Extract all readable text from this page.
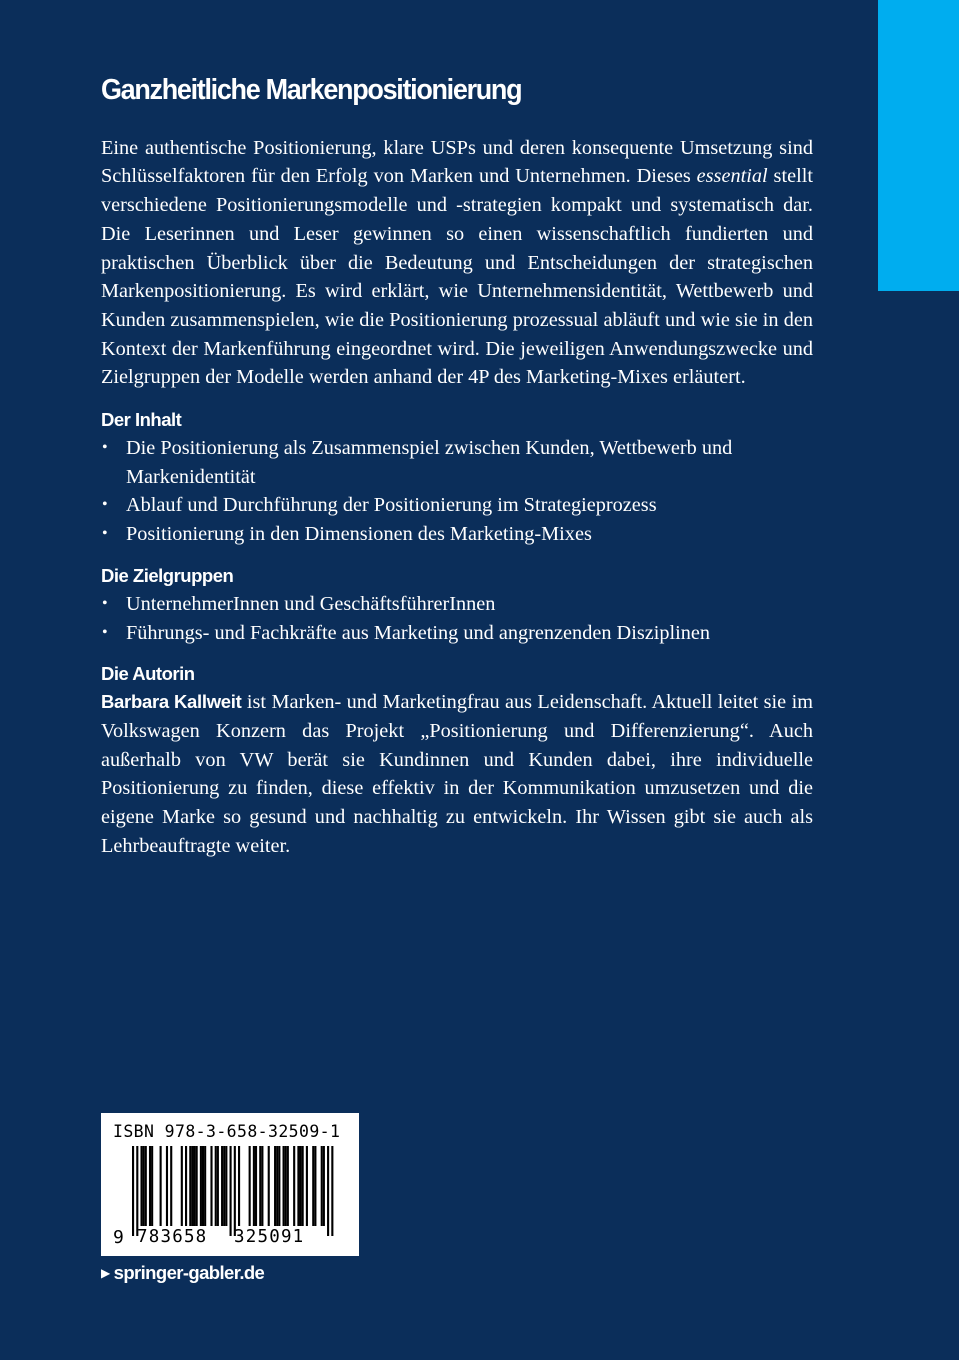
Ganzheitliche Markenpositionierung

Eine authentische Positionierung, klare USPs und deren konsequente Umsetzung sind Schlüsselfaktoren für den Erfolg von Marken und Unternehmen. Dieses essential stellt verschiedene Positionierungsmodelle und -strategien kompakt und systematisch dar. Die Leserinnen und Leser gewinnen so einen wissenschaftlich fundierten und praktischen Überblick über die Bedeutung und Entscheidungen der strategischen Markenpositionierung. Es wird erklärt, wie Unternehmensidentität, Wettbewerb und Kunden zusammenspielen, wie die Positionierung prozessual abläuft und wie sie in den Kontext der Markenführung eingeordnet wird. Die jeweiligen Anwendungszwecke und Zielgruppen der Modelle werden anhand der 4P des Marketing-Mixes erläutert.

Der Inhalt
• Die Positionierung als Zusammenspiel zwischen Kunden, Wettbewerb und Markenidentität
• Ablauf und Durchführung der Positionierung im Strategieprozess
• Positionierung in den Dimensionen des Marketing-Mixes
Die Zielgruppen
• UnternehmerInnen und GeschäftsführerInnen
• Führungs- und Fachkräfte aus Marketing und angrenzenden Disziplinen
Die Autorin

Barbara Kallweit ist Marken- und Marketingfrau aus Leidenschaft. Aktuell leitet sie im Volkswagen Konzern das Projekt „Positionierung und Differenzierung“. Auch außerhalb von VW berät sie Kundinnen und Kunden dabei, ihre individuelle Positionierung zu finden, diese effektiv in der Kommunikation umzusetzen und die eigene Marke so gesund und nachhaltig zu entwickeln. Ihr Wissen gibt sie auch als Lehrbeauftragte weiter.

ISBN 978-3-658-32509-1
9 783658	325091
▶ springer-gabler.de
